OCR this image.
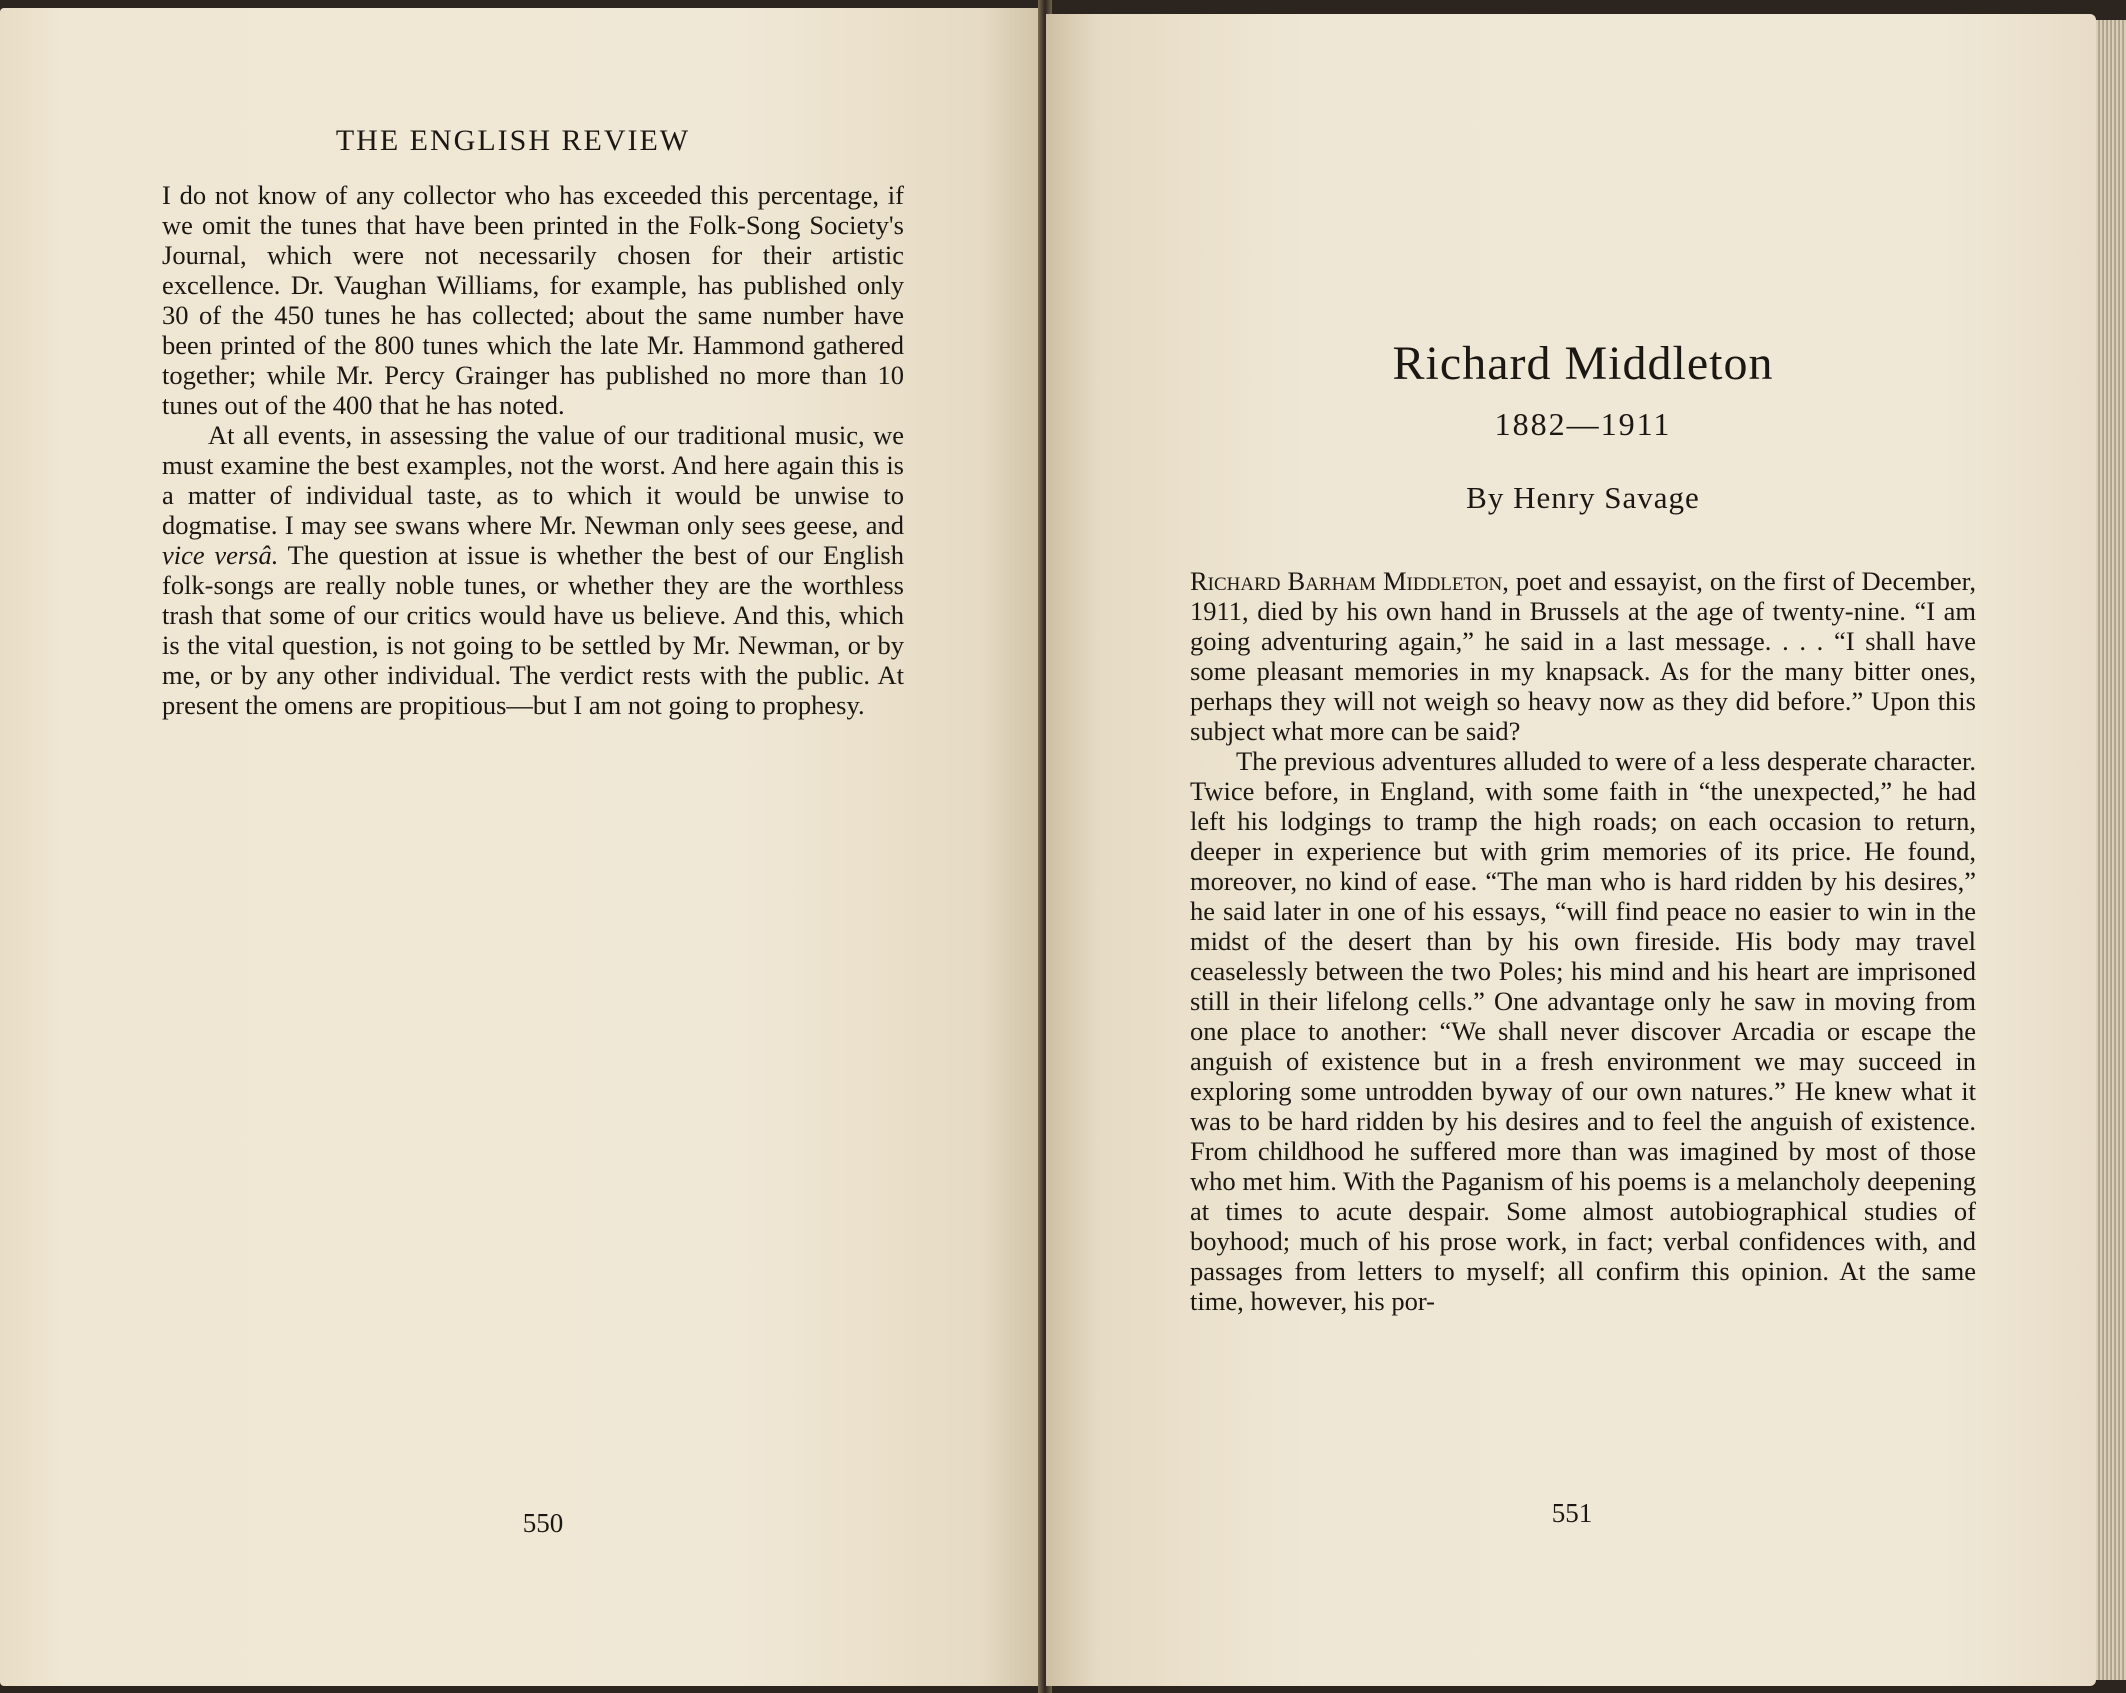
THE ENGLISH REVIEW

I do not know of any collector who has exceeded this percentage, if we omit the tunes that have been printed in the Folk-Song Society's Journal, which were not necessarily chosen for their artistic excellence. Dr. Vaughan Williams, for example, has published only 30 of the 450 tunes he has collected; about the same number have been printed of the 800 tunes which the late Mr. Hammond gathered together; while Mr. Percy Grainger has published no more than 10 tunes out of the 400 that he has noted.

At all events, in assessing the value of our traditional music, we must examine the best examples, not the worst. And here again this is a matter of individual taste, as to which it would be unwise to dogmatise. I may see swans where Mr. Newman only sees geese, and vice versâ. The question at issue is whether the best of our English folk-songs are really noble tunes, or whether they are the worthless trash that some of our critics would have us believe. And this, which is the vital question, is not going to be settled by Mr. Newman, or by me, or by any other individual. The verdict rests with the public. At present the omens are propitious—but I am not going to prophesy.

550
Richard Middleton
1882—1911
By Henry Savage

Richard Barham Middleton, poet and essayist, on the first of December, 1911, died by his own hand in Brussels at the age of twenty-nine. “I am going adventuring again,” he said in a last message. . . . “I shall have some pleasant memories in my knapsack. As for the many bitter ones, perhaps they will not weigh so heavy now as they did before.” Upon this subject what more can be said?

The previous adventures alluded to were of a less desperate character. Twice before, in England, with some faith in “the unexpected,” he had left his lodgings to tramp the high roads; on each occasion to return, deeper in experience but with grim memories of its price. He found, moreover, no kind of ease. “The man who is hard ridden by his desires,” he said later in one of his essays, “will find peace no easier to win in the midst of the desert than by his own fireside. His body may travel ceaselessly between the two Poles; his mind and his heart are imprisoned still in their lifelong cells.” One advantage only he saw in moving from one place to another: “We shall never discover Arcadia or escape the anguish of existence but in a fresh environment we may succeed in exploring some untrodden byway of our own natures.” He knew what it was to be hard ridden by his desires and to feel the anguish of existence. From childhood he suffered more than was imagined by most of those who met him. With the Paganism of his poems is a melancholy deepening at times to acute despair. Some almost autobiographical studies of boyhood; much of his prose work, in fact; verbal confidences with, and passages from letters to myself; all confirm this opinion. At the same time, however, his por-

551
